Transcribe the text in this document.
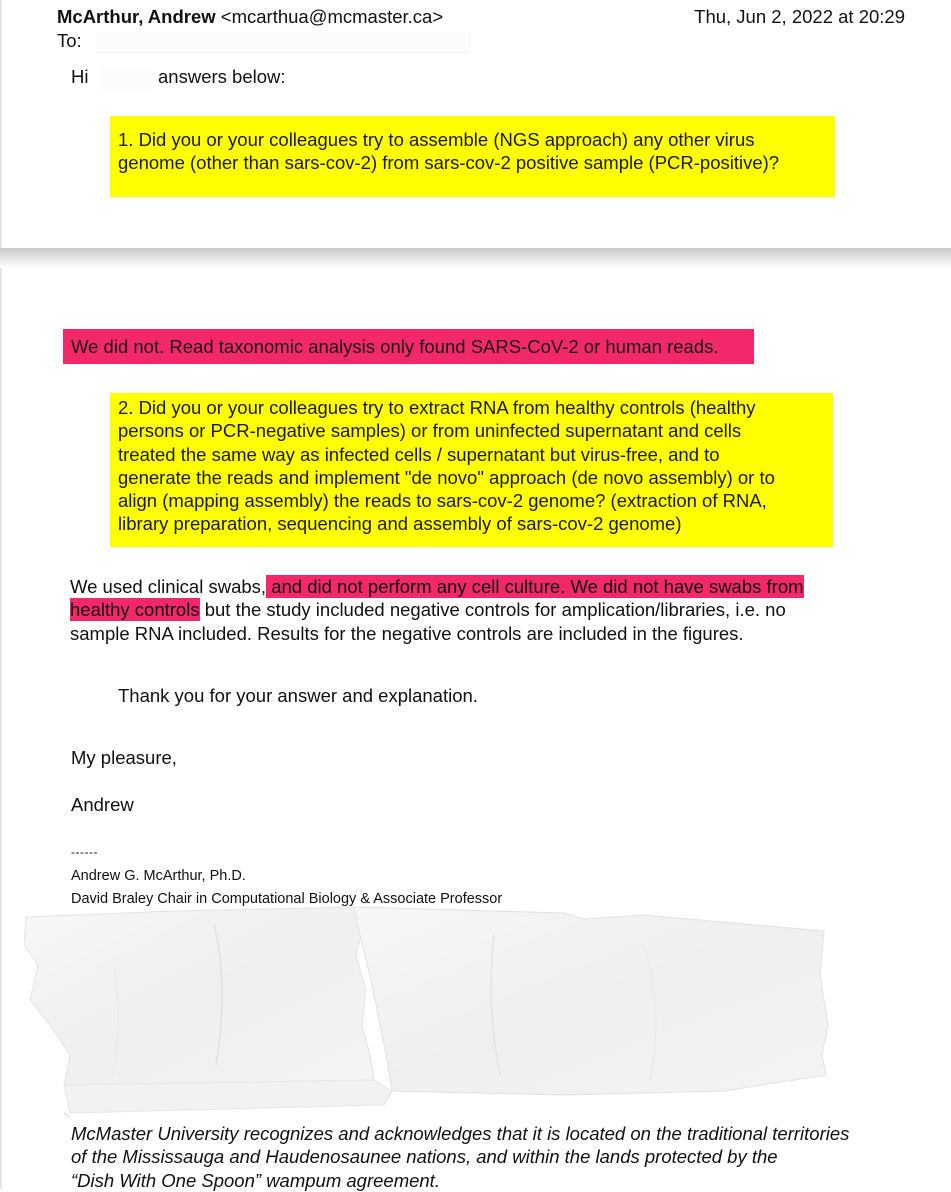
McArthur, Andrew <mcarthua@mcmaster.ca>	Thu, Jun 2, 2022 at 20:29
To:
Hi	answers below:
1. Did you or your colleagues try to assemble (NGS approach) any other virus
genome (other than sars-cov-2) from sars-cov-2 positive sample (PCR-positive)?
We did not. Read taxonomic analysis only found SARS-CoV-2 or human reads.
2. Did you or your colleagues try to extract RNA from healthy controls (healthy
persons or PCR-negative samples) or from uninfected supernatant and cells
treated the same way as infected cells / supernatant but virus-free, and to
generate the reads and implement "de novo" approach (de novo assembly) or to
align (mapping assembly) the reads to sars-cov-2 genome? (extraction of RNA,
library preparation, sequencing and assembly of sars-cov-2 genome)
We used clinical swabs, and did not perform any cell culture. We did not have swabs from
healthy controls but the study included negative controls for amplication/libraries, i.e. no
sample RNA included. Results for the negative controls are included in the figures.
Thank you for your answer and explanation.
My pleasure,
Andrew
------
Andrew G. McArthur, Ph.D.
David Braley Chair in Computational Biology & Associate Professor
McMaster University recognizes and acknowledges that it is located on the traditional territories
of the Mississauga and Haudenosaunee nations, and within the lands protected by the
“Dish With One Spoon” wampum agreement.
